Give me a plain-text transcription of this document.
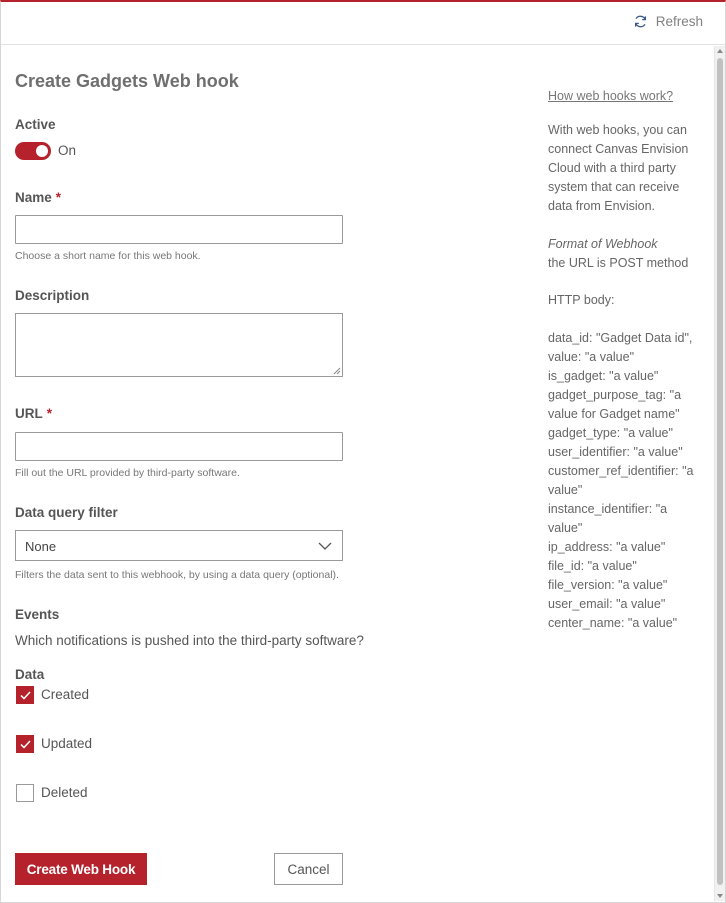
Refresh
Create Gadgets Web hook
Active
On
Name *
Choose a short name for this web hook.
Description
URL *
Fill out the URL provided by third-party software.
Data query filter
None
Filters the data sent to this webhook, by using a data query (optional).
Events
Which notifications is pushed into the third-party software?
Data
Created
Updated
Deleted
Create Web Hook	Cancel
How web hooks work?
With web hooks, you can
connect Canvas Envision
Cloud with a third party
system that can receive
data from Envision.
Format of Webhook
the URL is POST method
HTTP body:
data_id: "Gadget Data id",
value: "a value"
is_gadget: "a value"
gadget_purpose_tag: "a
value for Gadget name"
gadget_type: "a value"
user_identifier: "a value"
customer_ref_identifier: "a
value"
instance_identifier: "a
value"
ip_address: "a value"
file_id: "a value"
file_version: "a value"
user_email: "a value"
center_name: "a value"
